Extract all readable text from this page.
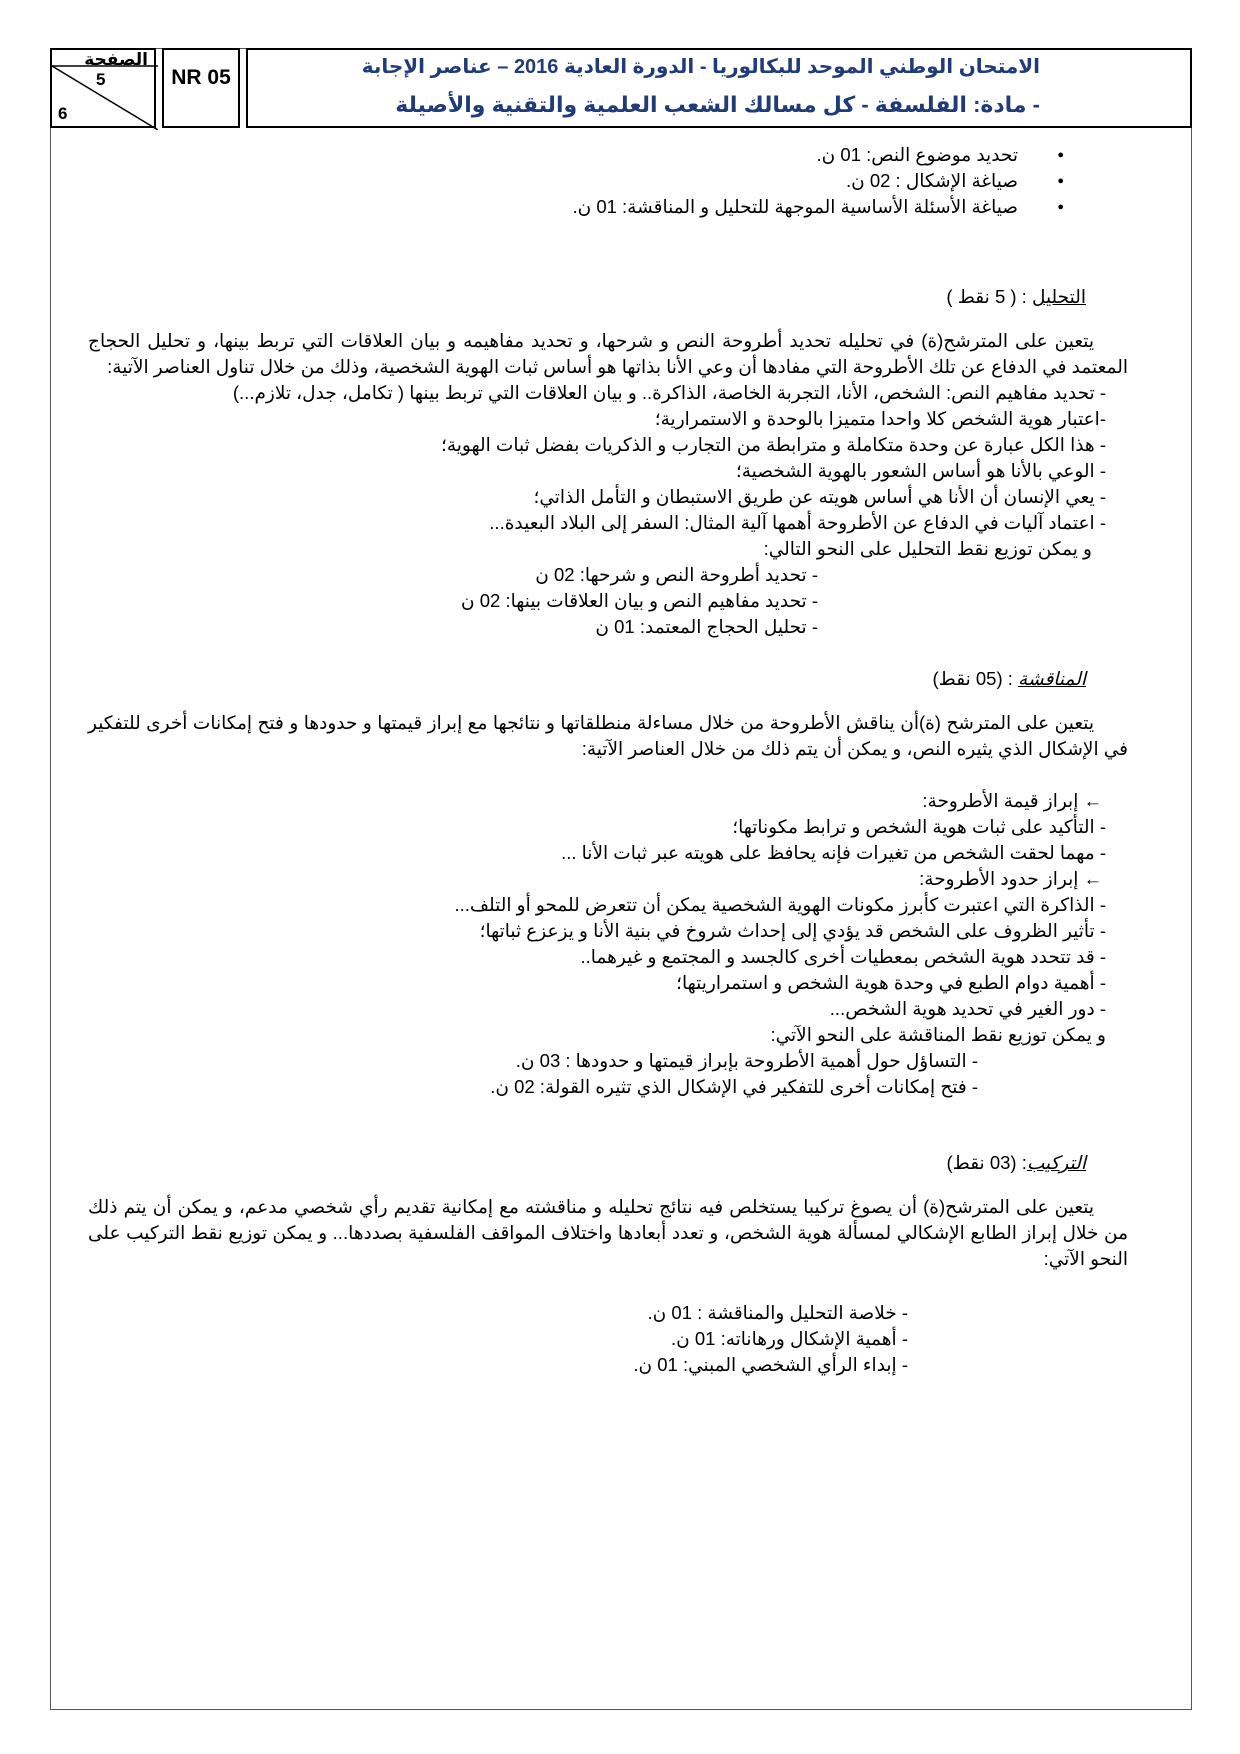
الصفحة
5
6
NR 05	الامتحان الوطني الموحد للبكالوريا - الدورة العادية 2016 – عناصر الإجابة
- مادة: الفلسفة - كل مسالك الشعب العلمية والتقنية والأصيلة

● تحديد موضوع النص: 01 ن.

● صياغة الإشكال : 02 ن.

● صياغة الأسئلة الأساسية الموجهة للتحليل و المناقشة: 01 ن.

التحليل : ( 5 نقط )

يتعين على المترشح(ة) في تحليله تحديد أطروحة النص و شرحها، و تحديد مفاهيمه و بيان العلاقات التي تربط بينها، و تحليل الحجاج المعتمد في الدفاع عن تلك الأطروحة التي مفادها أن وعي الأنا بذاتها هو أساس ثبات الهوية الشخصية، وذلك من خلال تناول العناصر الآتية:

- تحديد مفاهيم النص: الشخص، الأنا، التجربة الخاصة، الذاكرة.. و بيان العلاقات التي تربط بينها ( تكامل، جدل، تلازم...)

-اعتبار هوية الشخص كلا واحدا متميزا بالوحدة و الاستمرارية؛

- هذا الكل عبارة عن وحدة متكاملة و مترابطة من التجارب و الذكريات بفضل ثبات الهوية؛

- الوعي بالأنا هو أساس الشعور بالهوية الشخصية؛

- يعي الإنسان أن الأنا هي أساس هويته عن طريق الاستبطان و التأمل الذاتي؛

- اعتماد آليات في الدفاع عن الأطروحة أهمها آلية المثال: السفر إلى البلاد البعيدة...

و يمكن توزيع نقط التحليل على النحو التالي:

- تحديد أطروحة النص و شرحها: 02 ن

- تحديد مفاهيم النص و بيان العلاقات بينها: 02 ن

- تحليل الحجاج المعتمد: 01 ن

المناقشة : (05 نقط)

يتعين على المترشح (ة)أن يناقش الأطروحة من خلال مساءلة منطلقاتها و نتائجها مع إبراز قيمتها و حدودها و فتح إمكانات أخرى للتفكير في الإشكال الذي يثيره النص، و يمكن أن يتم ذلك من خلال العناصر الآتية:

← إبراز قيمة الأطروحة:

- التأكيد على ثبات هوية الشخص و ترابط مكوناتها؛

- مهما لحقت الشخص من تغيرات فإنه يحافظ على هويته عبر ثبات الأنا ...

← إبراز حدود الأطروحة:

- الذاكرة التي اعتبرت كأبرز مكونات الهوية الشخصية يمكن أن تتعرض للمحو أو التلف...

- تأثير الظروف على الشخص قد يؤدي إلى إحداث شروخ في بنية الأنا و يزعزع ثباتها؛

- قد تتحدد هوية الشخص بمعطيات أخرى كالجسد و المجتمع و غيرهما..

- أهمية دوام الطبع في وحدة هوية الشخص و استمراريتها؛

- دور الغير في تحديد هوية الشخص...

و يمكن توزيع نقط المناقشة على النحو الآتي:

- التساؤل حول أهمية الأطروحة بإبراز قيمتها و حدودها : 03 ن.

- فتح إمكانات أخرى للتفكير في الإشكال الذي تثيره القولة: 02 ن.

التركيب: (03 نقط)

يتعين على المترشح(ة) أن يصوغ تركيبا يستخلص فيه نتائج تحليله و مناقشته مع إمكانية تقديم رأي شخصي مدعم، و يمكن أن يتم ذلك من خلال إبراز الطابع الإشكالي لمسألة هوية الشخص، و تعدد أبعادها واختلاف المواقف الفلسفية بصددها... و يمكن توزيع نقط التركيب على النحو الآتي:

- خلاصة التحليل والمناقشة : 01 ن.

- أهمية الإشكال ورهاناته: 01 ن.

- إبداء الرأي الشخصي المبني: 01 ن.
